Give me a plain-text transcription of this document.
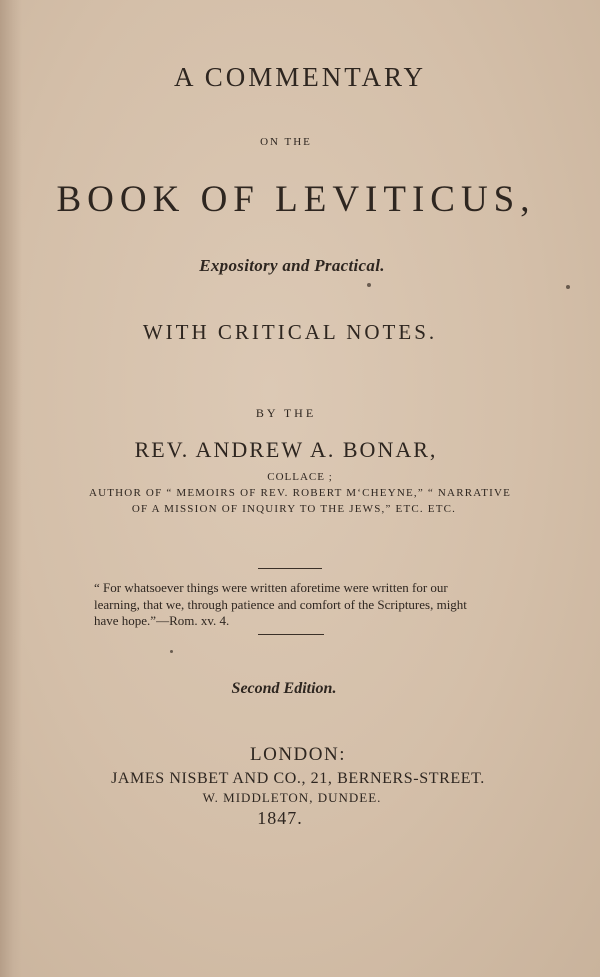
A COMMENTARY
ON THE
BOOK OF LEVITICUS,
Expository and Practical.
WITH CRITICAL NOTES.
BY THE
REV. ANDREW A. BONAR,
COLLACE ;
AUTHOR OF “ MEMOIRS OF REV. ROBERT M‘CHEYNE,” “ NARRATIVE
OF A MISSION OF INQUIRY TO THE JEWS,” ETC. ETC.
“ For whatsoever things were written aforetime were written for our
learning, that we, through patience and comfort of the Scriptures, might
have hope.”—Rom. xv. 4.
Second Edition.
LONDON:
JAMES NISBET AND CO., 21, BERNERS-STREET.
W. MIDDLETON, DUNDEE.
1847.
